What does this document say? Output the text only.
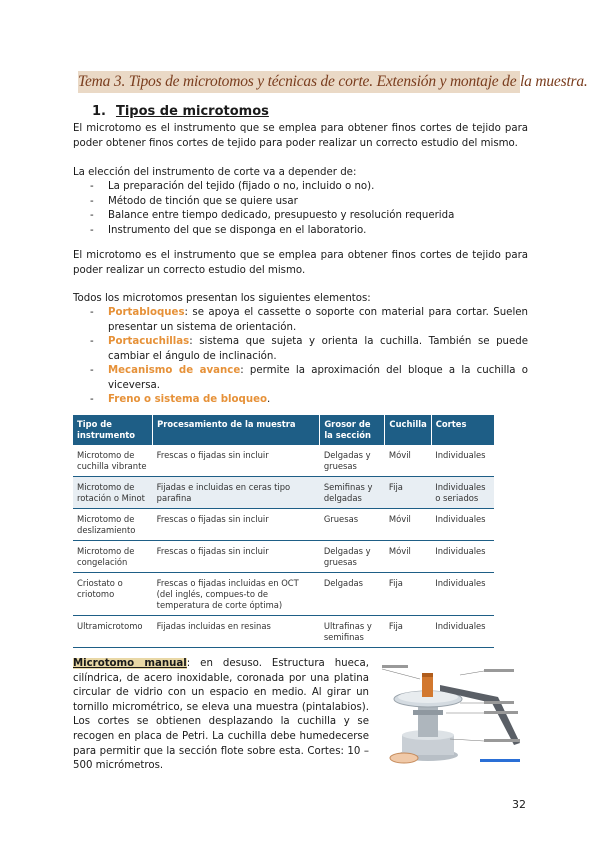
Tema 3. Tipos de microtomos y técnicas de corte. Extensión y montaje de la muestra.
1. Tipos de microtomos

El microtomo es el instrumento que se emplea para obtener finos cortes de tejido para poder obtener finos cortes de tejido para poder realizar un correcto estudio del mismo.

La elección del instrumento de corte va a depender de:

- La preparación del tejido (fijado o no, incluido o no).
- Método de tinción que se quiere usar
- Balance entre tiempo dedicado, presupuesto y resolución requerida
- Instrumento del que se disponga en el laboratorio.

El microtomo es el instrumento que se emplea para obtener finos cortes de tejido para poder realizar un correcto estudio del mismo.

Todos los microtomos presentan los siguientes elementos:

- Portabloques: se apoya el cassette o soporte con material para cortar. Suelen presentar un sistema de orientación.
- Portacuchillas: sistema que sujeta y orienta la cuchilla. También se puede cambiar el ángulo de inclinación.
- Mecanismo de avance: permite la aproximación del bloque a la cuchilla o viceversa.
- Freno o sistema de bloqueo.
Tipo de instrumento	Procesamiento de la muestra	Grosor de la sección	Cuchilla	Cortes
Microtomo de cuchilla vibrante	Frescas o fijadas sin incluir	Delgadas y gruesas	Móvil	Individuales
Microtomo de rotación o Minot	Fijadas e incluidas en ceras tipo parafina	Semifinas y delgadas	Fija	Individuales o seriados
Microtomo de deslizamiento	Frescas o fijadas sin incluir	Gruesas	Móvil	Individuales
Microtomo de congelación	Frescas o fijadas sin incluir	Delgadas y gruesas	Móvil	Individuales
Criostato o criotomo	Frescas o fijadas incluidas en OCT (del inglés, compues-to de temperatura de corte óptima)	Delgadas	Fija	Individuales
Ultramicrotomo	Fijadas incluidas en resinas	Ultrafinas y semifinas	Fija	Individuales

Microtomo manual: en desuso. Estructura hueca, cilíndrica, de acero inoxidable, coronada por una platina circular de vidrio con un espacio en medio. Al girar un tornillo micrométrico, se eleva una muestra (pintalabios). Los cortes se obtienen desplazando la cuchilla y se recogen en placa de Petri. La cuchilla debe humedecerse para permitir que la sección flote sobre esta. Cortes: 10 – 500 micrómetros.

32
